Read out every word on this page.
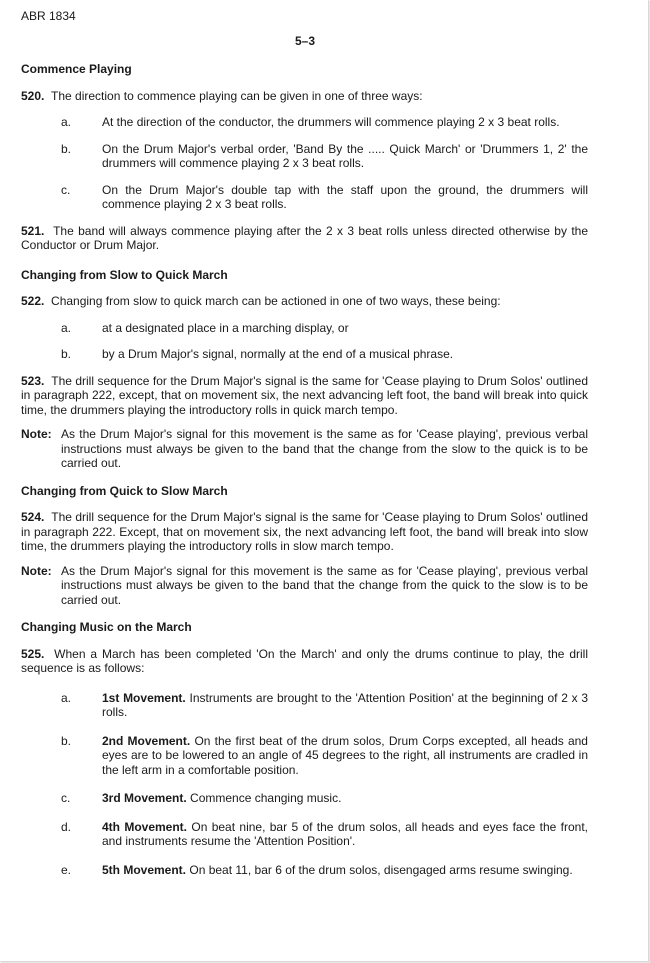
ABR 1834
5–3
Commence Playing

520. The direction to commence playing can be given in one of three ways:

a.	At the direction of the conductor, the drummers will commence playing 2 x 3 beat rolls.
b.	On the Drum Major's verbal order, 'Band By the ..... Quick March' or 'Drummers 1, 2' the drummers will commence playing 2 x 3 beat rolls.
c.	On the Drum Major's double tap with the staff upon the ground, the drummers will commence playing 2 x 3 beat rolls.

521. The band will always commence playing after the 2 x 3 beat rolls unless directed otherwise by the Conductor or Drum Major.

Changing from Slow to Quick March

522. Changing from slow to quick march can be actioned in one of two ways, these being:

a.	at a designated place in a marching display, or
b.	by a Drum Major's signal, normally at the end of a musical phrase.

523. The drill sequence for the Drum Major's signal is the same for 'Cease playing to Drum Solos' outlined in paragraph 222, except, that on movement six, the next advancing left foot, the band will break into quick time, the drummers playing the introductory rolls in quick march tempo.

Note: As the Drum Major's signal for this movement is the same as for 'Cease playing', previous verbal instructions must always be given to the band that the change from the slow to the quick is to be carried out.
Changing from Quick to Slow March

524. The drill sequence for the Drum Major's signal is the same for 'Cease playing to Drum Solos' outlined in paragraph 222. Except, that on movement six, the next advancing left foot, the band will break into slow time, the drummers playing the introductory rolls in slow march tempo.

Note: As the Drum Major's signal for this movement is the same as for 'Cease playing', previous verbal instructions must always be given to the band that the change from the quick to the slow is to be carried out.
Changing Music on the March

525. When a March has been completed 'On the March' and only the drums continue to play, the drill sequence is as follows:

a.	1st Movement. Instruments are brought to the 'Attention Position' at the beginning of 2 x 3 rolls.
b.	2nd Movement. On the first beat of the drum solos, Drum Corps excepted, all heads and eyes are to be lowered to an angle of 45 degrees to the right, all instruments are cradled in the left arm in a comfortable position.
c.	3rd Movement. Commence changing music.
d.	4th Movement. On beat nine, bar 5 of the drum solos, all heads and eyes face the front, and instruments resume the 'Attention Position'.
e.	5th Movement. On beat 11, bar 6 of the drum solos, disengaged arms resume swinging.
